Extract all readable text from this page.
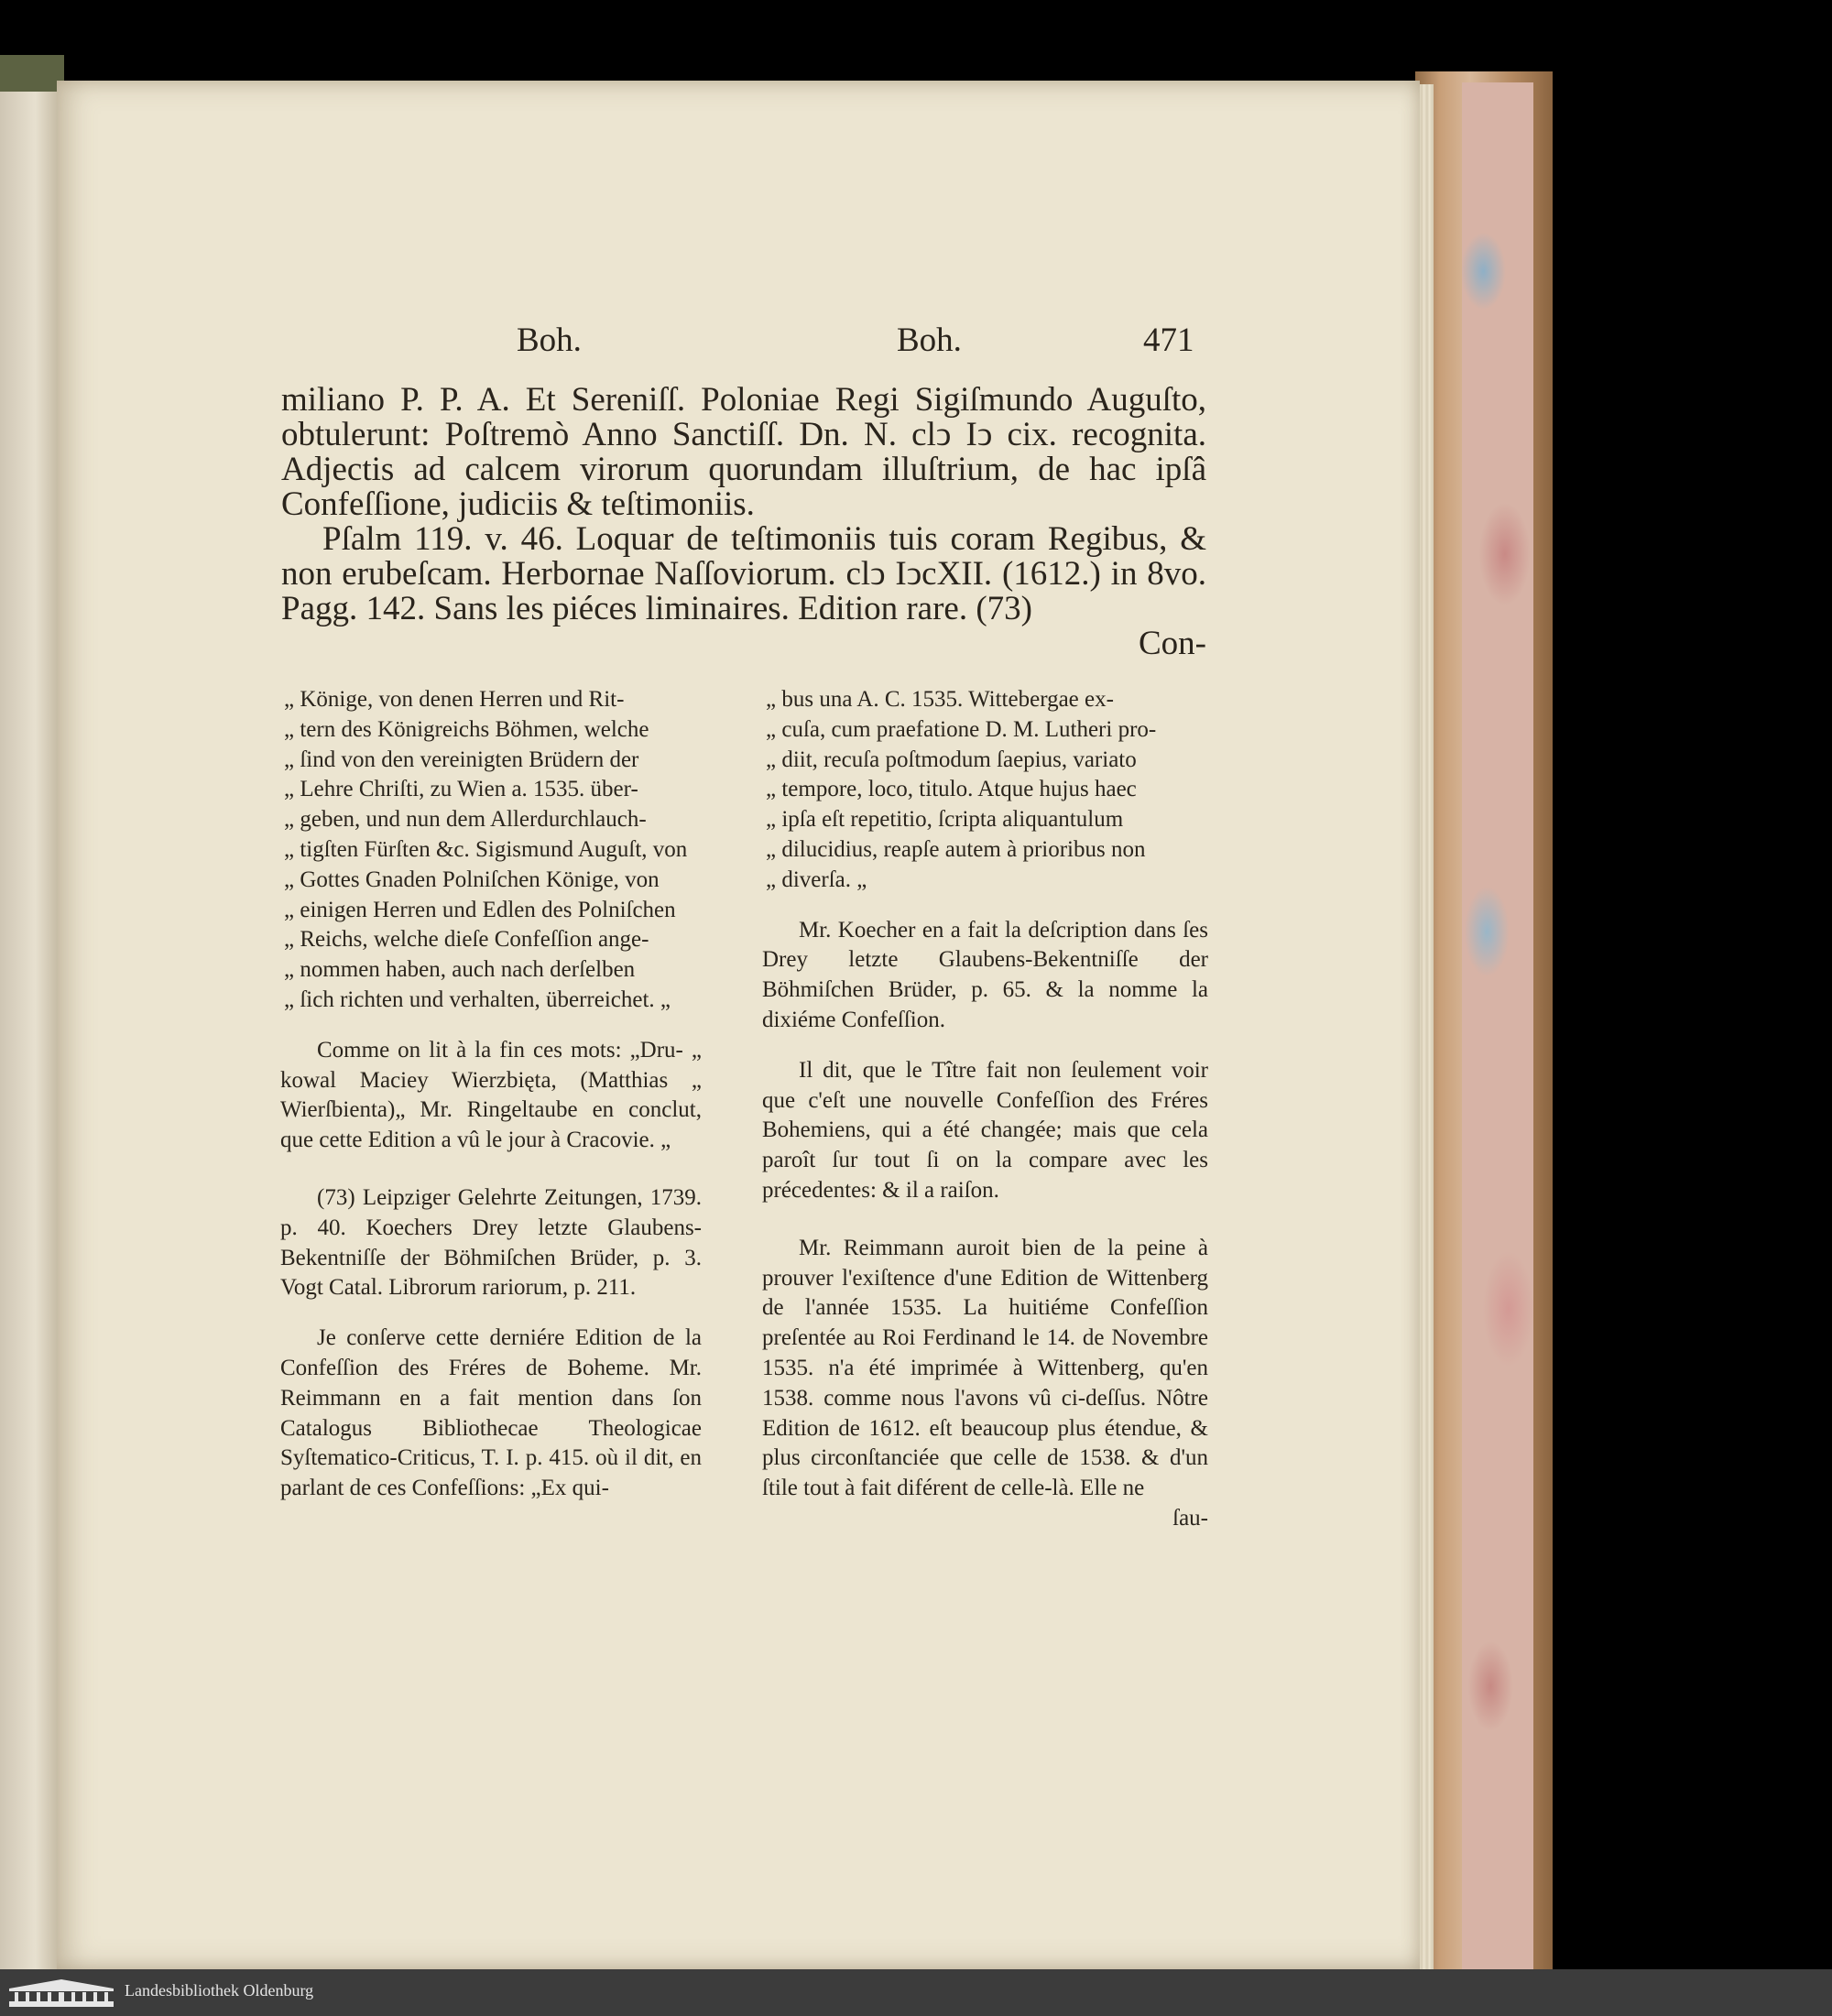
Boh.	Boh.	471

miliano P. P. A. Et Sereniſſ. Poloniae Regi Sigiſmundo Auguſto, obtulerunt: Poſtremò Anno Sanctiſſ. Dn. N. clↄ Iↄ cix. recognita. Adjectis ad calcem virorum quorundam illuſtrium, de hac ipſâ Confeſſione, judiciis & teſtimoniis.

Pſalm 119. v. 46. Loquar de teſtimoniis tuis coram Regibus, & non erubeſcam. Herbornae Naſſoviorum. clↄ IↄcXII. (1612.) in 8vo. Pagg. 142. Sans les piéces liminaires. Edition rare. (73)

Con-

„ Könige, von denen Herren und Rit-
„ tern des Königreichs Böhmen, welche
„ ſind von den vereinigten Brüdern der
„ Lehre Chriſti, zu Wien a. 1535. über-
„ geben, und nun dem Allerdurchlauch-
„ tigſten Fürſten &c. Sigismund Auguſt, von
„ Gottes Gnaden Polniſchen Könige, von
„ einigen Herren und Edlen des Polniſchen
„ Reichs, welche dieſe Confeſſion ange-
„ nommen haben, auch nach derſelben
„ ſich richten und verhalten, überreichet. „

Comme on lit à la fin ces mots: „Dru- „ kowal Maciey Wierzbięta, (Matthias „ Wierſbienta)„ Mr. Ringeltaube en conclut, que cette Edition a vû le jour à Cracovie. „

(73) Leipziger Gelehrte Zeitungen, 1739. p. 40. Koechers Drey letzte Glaubens-Bekentniſſe der Böhmiſchen Brüder, p. 3. Vogt Catal. Librorum rariorum, p. 211.

Je conſerve cette derniére Edition de la Confeſſion des Fréres de Boheme. Mr. Reimmann en a fait mention dans ſon Catalogus Bibliothecae Theologicae Syſtematico-Criticus, T. I. p. 415. où il dit, en parlant de ces Confeſſions: „Ex qui-

„ bus una A. C. 1535. Wittebergae ex-
„ cuſa, cum praefatione D. M. Lutheri pro-
„ diit, recuſa poſtmodum ſaepius, variato
„ tempore, loco, titulo. Atque hujus haec
„ ipſa eſt repetitio, ſcripta aliquantulum
„ dilucidius, reapſe autem à prioribus non
„ diverſa. „

Mr. Koecher en a fait la deſcription dans ſes Drey letzte Glaubens-Bekentniſſe der Böhmiſchen Brüder, p. 65. & la nomme la dixiéme Confeſſion.

Il dit, que le Tître fait non ſeulement voir que c'eſt une nouvelle Confeſſion des Fréres Bohemiens, qui a été changée; mais que cela paroît ſur tout ſi on la compare avec les précedentes: & il a raiſon.

Mr. Reimmann auroit bien de la peine à prouver l'exiſtence d'une Edition de Wittenberg de l'année 1535. La huitiéme Confeſſion preſentée au Roi Ferdinand le 14. de Novembre 1535. n'a été imprimée à Wittenberg, qu'en 1538. comme nous l'avons vû ci-deſſus. Nôtre Edition de 1612. eſt beaucoup plus étendue, & plus circonſtanciée que celle de 1538. & d'un ſtile tout à fait diférent de celle-là. Elle ne

ſau-

Landesbibliothek Oldenburg
